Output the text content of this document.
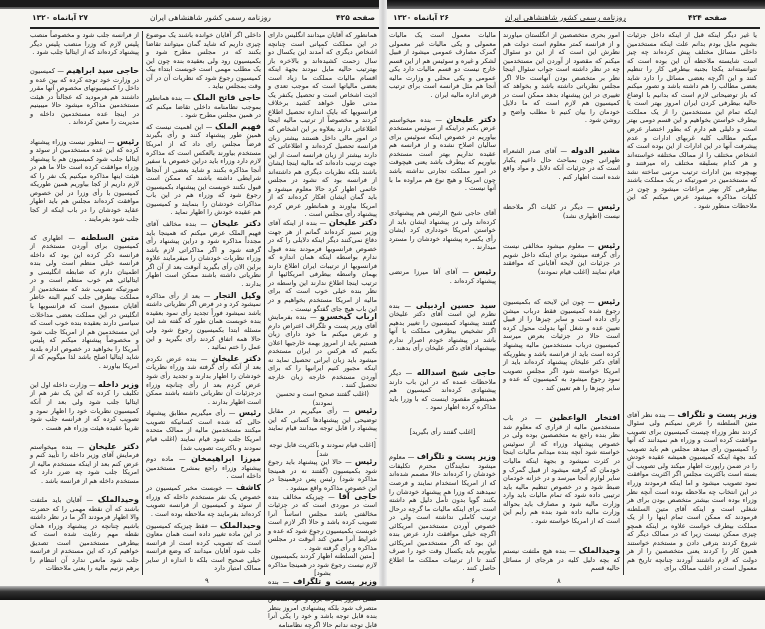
۲۷ آبانماه ۱۳۲۰	روزنامه رسمی کشور شاهنشاهی ایران	صفحه ۴۲۵

همانطور که آقایان میدانند انگلیس دارای در این مملکت کمپانی است چنانچه اشخاص دیگری که آمدند این یکسال دو سال زحمت کشیده‌اند و بالاخره باز بهترتیب حالیه مایل نبودند بجهة اینکه اقسام مالیات مملکت ما زیاد است بعضی مالیاتها است که موجب تعدی و اذیت اشخاص است و تحصیل یکنفر یک مدتی طول خواهد کشید برخلاف فرانسویها که بایک اندازه تحصیل اطلاع کردند و مخصوصاً از ترتیب مالیه اینجا اطلاعاتی دارند بعلاوه بر این اشخاص که در امور مالی داخل هستند بیشتر زبان فرانسه تحصیل کرده‌اند و اطلاعاتی که دارند بیشتر از زبان فرانسه است از این جهت ترتیب داده‌اند که مالیه اینجا ایشان باشند بلکه نظریات دیگری هم داشته‌اند از فرانسه بود که نشود در مجلس خاتمی اظهار کرد حالا معلوم میشود و باید گمان ایشان افکار کرده‌اند که از امریکا بیاورند و همانطور عرض کردم پیشنهاد رأی مجلس است .

دکتر علیخان — بنده از اینکه آقای وزیر تمییز کرده‌اند گمانم از هر جهت دفاع نمی‌کنند دیگر اینکه دلایلی را که در خصوص فرانسویها فرمودند بنده قبول ندارم بواسطه اینکه همان اندازه که فرانسویها از ترتیبات ایران اطلاع دارند بهمان واسطه بیطرفی امریکائیها از ترتیب اینجا اطلاع ندارند این واسطه در نظر بنده خیلی خوب است که برای مالیه از امریکا مستخدم بخواهیم و در این باب هیچ جای گفتگو نیست .

ارباب کیخسرو — بنده بفرمایش آقای وزیر پست و تلگراف اعتراض دارم و عرض میکنم ما خود دارای زبان هستیم باید از امروز بهمه خارجیها اعلان بکنیم که هرکس در ایران مستخدم میشود باید زبان ایرانی تحصیل نماید نه اینکه مجبور کنیم ایرانیها را که برای آوردن مستخدم خارجه زبان خارجه تحصیل کنند .

(اغلب گفتند صحیح است و تحسین نمودند)

رئیس — رأی میگیریم در مقابل توضیحی این پیشنهادها کسانی که این پیشنهاد را قابل توجه میدانند قیام نمایند .

[اغلب قیام نمودند و باکثریت قابل توجه شد]

رئیس — حالا این پیشنهاد باید رجوع شود بکمیسیون (گفتند نه در همینجا مذاکره شود) رئیس پس درهمینجا در این خصوص مذاکره واقع میشود .

حاجی آقا — چیزیکه مخالف بنده است در موردی است که در جزئیات مخالفتی باشد مجلس اساساً آنرا تصویب کرده باشد و حالا اگر لازم است خوبست بکمیسیون رجوع شود که عده و شرایط آنرا معین کند آنوقت در مجلس مذاکره و رأی گرفته شود .

[متین السلطنه اظهار کردند بکمیسیون لازم نیست رجوع شود در همینجا مذاکره بشود]

وزیر پست و تلگراف — بنده متصرف شود بلکه پیشنهادی امروز بنظر بنده قابل توجه باشد و خود را یکی آنرا قابل توجه ندانم حالا اگرچه نظامنامه

داخلی اگر آقایان خوانده باشند یک موضوع چیزی داریم که شاید گمان میتوانند تقاضا بکنند که در مجلس مطرح شود و بکمیسیون رود ولی بعقیده بنده چون این یک مطلب مهمی است خوبست ابتداء بیک کمیسیون رجوع شود که نظریات آن در آن وقت بمجلس بیاید .

حاجی فاتح الملک — بنده همانطور بموجب نظامنامه داخلی تقاضا میکنم که در همین مجلس مطرح شود .

فهیم الملک — این اهمیت نیست که همین طور پیشنهاد کنند و رأی بگیرند فرضاً مجلس رای داد که از امریکا مستخدم بیاورند بالعکس است که مذاکره لازم دارد وزراء باید دراین خصوص با سفیر آنجا مذاکره بکنند و شاید بعضی از آنجاها شرایطی داشته باشند که ممکن است قبول نکنند خوبست این پیشنهاد بکمیسیون رجوع شود که وزراء هم در این باب مذاکرات خودشان را بنمایند و کمیسیون هم عقیده خودش را اظهار نماید .

دکتر علیخان — بنده مخالف آقای فهیم الملک عرض میکنم که همینجا باید مجدداً مذاکره شود و دراین پیشنهاد رأی گرفته شود و اگر مذاکراتی لازم باشد وزراء نظریات خودشان را میفرمایند علاوه براین الان رأی بگیرید آنوقت بعد از آن اگر نظریاتی داشته باشند ممکن است اظهار بدارند .

وکیل التجار — بعد از رأی مذاکره نمیشود کرد و در فرض اگر نظریاتی داشته باشد نمیشود فوراً تجدید رأی نمود بعقیده بنده خوبست همان طور که گفته شد این مسئله ابتدا بکمیسیون رجوع شود ولی حالا همه اتفاق کردند رأی بگیرید و این عمل را ختم نمائید .

دکتر علیخان — بنده عرض نکردم بعد از آنکه رأی گرفته شد وزراء نظریات خودشان را اظهار بدارند و تجدید رأی شود عرض کردم بعد از رأی چنانچه وزراء درجزئیات آن نظریاتی داشته باشند ممکن است اظهار بدارند .

رئیس — رأی میگیریم مطابق پیشنهاد حالی که شده است کسانیکه تصویب میکنند مستخدمین مالیه از ممالک متحده امریکا جلب شود قیام نمایند (اغلب قیام نمودند و باکثریت تصویب شد)

میرزا ابراهیمخان — ماده دوم پیشنهاد وزراء راجع بمشرح مستخدمین داخله است .

کاشف — خوبست مخبر کمیسیون در خصوص یک نفر مستخدم داخله که وزراء از سوئد و کمیسیون از فرانسه تصویب کرده‌اند بفرمایند چه ملاحظه بوده است .

وحیدالملک — فقط چیزیکه کمیسیون در این ماده تغییر داده است همان معاون است که تصویب کرده است از فرانسه جلب شود آقایان میدانند که وضع فرانسه خیلی صحیح است بلکه تا اندازه از سایر ممالک امتیاز دارد

از فرانسه جلب شود و مخصوصاً منصب پلیس لازم که وزرا منصب پلیس دیگر پیشنهاد کرده‌اند که از ایتالیا جلب شود .

حاجی سید ابراهیم — کمیسیون در وزارت خود توجه کرده که بین عده و داخل را کمیسیونهای مخصوص آنها مقرر داشتند هم فرمودید که عجالتاً در هیئت مستخدمین مذاکره میشود حالا میبینیم در اینجا عده مستخدمین داخله و مدیریت را معین کرده‌اند .

رئیس — اینطور نیست وزراء پیشنهاد کرده که این عده مستخدمین از سوئد و ایتالیا جلب شود کمیسیون هم با پیشنهاد وزراء موافقت کرده است حالا ما هم در هیئت اینها مذاکره میکنیم یک نفر را که لازم داریم از کجا بیاوریم همین طوریکه کمیسیون با رأی وزرا در این خصوص موافقت کرده‌اند مجلس هم باید اظهار عقاید خودشان را در باب اینکه از کجا جلب شود بفرمایند .

متین السلطنه — اظهاری که کمیسیون برای آوردن مستخدم از فرانسه ذکر کرده این بود که داخله فرانسه خیلی منظم است ولی بنده اطمینان دارم که ضابطه انگلیسی و ایتالیائی هم خوب منظم است و در صورتیکه تصویب شد که مستخدمین از مملکت بیطرفی جلب کنیم البته خاطر آقایان مسبوق است که فرانسویها با انگلیس در این مملکت بعضی مداخلات سیاسی دارند بعقیده بنده خوب است که این مستخدمین هم از امریکا جلب شود و مخصوصاً پیشنهاد میکنم که پلیس آمریکا را بخواهید در خصوص اداره بلدیه شاید ایتالیا اصلح باشد لذا میگویم که از امریکا بیاورند .

وزیر داخله — وزارت داخله اول این تکلیف را کرده که این یک نفر هم از ایتالیا جلب شود ولی بعد از آنکه کمیسیون نظریات خود را اظهار نمود و تصویب کرده که از فرانسه جلب شود تقریباً عقیده هیئت وزراء هم هست .

دکتر علیخان — بنده میخواستم فرمایش آقای وزیر داخله را تأیید کنم و عرض کنم بعد از اینکه مستخدم مالیه از امریکا جلب شود چه ضرر دارد که مستخدم داخله هم از فرانسه باشد .

وحیدالملک — آقایان باید ملتفت باشند که آن نقطه مهمی را که حضرت والا اظهار فرمودند اگر ما در نظر داشته باشیم چنانچه در پیشنهاد وزراء همان نقطه مهم رعایت شده است که بیطرفی مستخدمین است تصدیق خواهیم کرد که این مستخدم از فرانسه جلب شود مانعی ندارد آن انتظام را برهم نزنیم مالیه را یعنی ملاحظات

۹
۲۶ آبانماه ۱۳۲۰	روزنامه رسمی کشور شاهنشاهی ایران	صفحه ۴۲۴

یا غیر دیگر اینکه قبل از اینکه داخل جزئیات بشویم مایل بودم بدانم علت اینکه مستخدمین داخلی مسائل مختلف پیش کرده‌اند چه چیز است شایسته ملاحظه آن این بوده است که نتوانسته‌اند یکجا بجنبه بیطرفی کار را تنظیم کنند و این اگرچه بعضی مسائل را دارد شاید بعضی مطالب را هم داشته باشد و تصور میکنم که باز توضیحاتی لازم است که بدانیم با اوضاع حالیه بیطرفی کردن ایران امروز بهتر است یا اینکه تمام این مستخدمین را از یک مملکت بیطرف خواستن بخواهیم و این قسم دومی بهتر است و دلیلی هم دارم که بطور اختصار عرض میکنم مطالب کلیه غربهای ادارات و عدم پیشرفت آنها در این ادارات از این بوده است که اشخاص مختلف را از ممالک مختلفه خواسته‌اند و هر کدام بسلیقه مختلف راه میرفتند و بهیچوجه بین ادارات ترتیب مرتبی ساخته نشد که مستخدمین در صورتیکه در یک مملکت باشند بیطرفی کار بهتر مراعات میشود و چون در کلیات مذاکره میشود عرض میکنم که این ملاحظات منظور شود .

وزیر پست و تلگراف — بنده نظر آقای متین السلطنه را عرض نمیکنم ولی سئوال کردند نظر وزراء چیست کمیسیون برای تصویب موافقت کرده است و وزراء هم نمیدانند که آنها را کمیسیون رأی میدهد مجلس هم باید تصویب کند بجهة اینکه کمیسیون همیشه عقیده خودش را در ضمن راپورت اظهار میکند ولی تصویب آن بسته است باکثریت مجلس اگر اکثریت موافقت نمود تصویب میشود و اما اینکه فرمودند وزراء در این انتخاب چه ملاحظه بوده است آنچه نظر وزراء بوده است بیشتر متخصص بودن برای هر شغلی است و اینکه آقای متین السلطنه فرمودند که ممکن است تمام اینها را از یک مملکت بیطرف خواست علاوه بر اینکه همچو چیزی ممکن نیست زیرا که در ممالک دیگر که شروع کردند بترقی دادن و مستخدم خواستند همین کار را کردند یعنی متخصصین را از هر دولت که لازم داشتند آوردند چنانچه تاریخ هم معمول است در اغلب ممالک برای

امور بحری متخصصین از انگلستان میاورند و از فرانسه کمتر معلوم است دولت هم نظرش این است که از این دو سئوال میکنم که مقصود از آوردن این مستخدمین چه در نظر داشته است جواب سئوال اینجا نظر بر متخصص بودن آنهاست حالا اگر مجلس نظریاتی داشته باشد و بخواهد که تغییری در این پیشنهاد بدهد ممکن است در کمیسیون هم لازم است که ما دلایل خودمان را بیان کنیم تا مطلب واضح و روشن شود .

مشیر الدوله — آقای صدر الشعراء طهرانی چون بمباحث حال داعیم یکبار است که در جزئیات آنکه دلایل و مواد واقع شده است اظهار کنم .

رئیس — دیگر در کلیات اگر ملاحظه نیست (اظهاری نشد)

رئیس — معلوم میشود مخالفی نیست رأی گرفته میشود برای اینکه داخل شویم در جزئیات این لایحه آقایانی که موافقند قیام نمایند (اغلب قیام نمودند)

رئیس — چون این لایحه که بکمیسیون رجوع شده کمیسیون فقط درباب میشن رأی داده است و سایر چیزها را از قبیل تعیین عده و شغل آنها بدولت محول کرده است حالا در جزئیات بعرض میرسد کمیسیون درباب مستخدمین مالیه پیشنهاد کرده است باید از فرانسه باشد و بطوریکه آقای دکتر علیخان پیشنهاد کرده‌اند باید از امریکا خواسته شود اگر مجلس تصویب نمود رجوع میشود به کمیسیون که عده و سایر چیزها را هم تعیین کند .

افتخار الواعظین — در باب مستخدمین مالیه از قراری که معلوم شد نظر بنده راجع به متخصصین بوده ولی در خصوص پیشنهاد وزراء که از سوئیس خواسته شود آنچه بنده میدانم مالیات اینجا در کثرت نمیشود و بجهة اینکه مالیات خودمان که گرفته میشود از قبیل گمرک و سایر لوازم آنجا میرسد و در خزانه خودمان ضبط شود و در خصوص تنظیم مالیه باید ترتیبی داده شود که تمام مالیات باید وارد وزارت مالیه شود و مصارف باید بحواله وزارت مالیه داده شود بنده هم رأیم این است که از امریکا خواسته شود .

وحیدالملک — بنده هیچ ملتفت نیستم که بچه دلیل کلیه در هرجای از مسائل حالیه قسم

مالیات معمول است یک مالیات معمولی و یکی مالیات غیر معمولی گمرک مصارف عمومی میشود از قبیل لشکر و غیره و سوئیس هم از این قسم خارج نیست دو قسم مالیات دارد یکی عمومی و یکی محلی و وزارت مالیه آنجا هم مثل فرانسه است برای ترتیب قرض اداره مالیه ایران .

دکتر علیخان — بنده میخواستم عرض بکنم دراینکه از سوئیس مستخدم بیاوریم در خصوص اینکه سوئیس برای سالیان اصلاح نشده و از فرانسه هم عقیده نداریم بهتر است مستخدم بیاوریم که بیطرف باشد یعنی هیچوقت در امور مملکت تجارتی نداشته باشد چون امریکا و هیچ نوع هم مراوده ما با آنها نیست .

آقای حاجی شیخ الرئیس هم پیشنهادی کرده‌اند ولی در پیشنهاد ایشان باید از خواستن امریکا خودداری کرد ایشان رأی یکسره پیشنهاد خودشان را مسترد میدارند .

رئیس — آقای آقا میرزا مرتضی پیشنهاد کرده‌اند .

سید حسین اردبیلی — بنده نظرم این است آقای دکتر علیخان گفتند پیشنهاد کمیسیون را تغییر بدهیم اگر تشخیص بیطرفی مملکت با آنها باشد در پیشنهاد خودم اصرار ندارم بپیشنهاد آقای دکتر علیخان رأی بدهند .

حاجی شیخ اسدالله — دیگر ملاحظات عمده که در این باب دارند پیشنهادی کرده‌اند کمیسیون هم همینطور مقصود اینست که با وزرا باید مذاکره کرده اظهار نمود .

[اغلب گفتند رأی بگیرید]

وزیر پست و تلگراف — معلوم میشود نمایندگان محترم تکلیفات خودشان را کرده‌اند حالا مصمم شده‌اند که از امریکا استخدام نمایند و فرصت نمیدهند که وزرا هم پیشنهاد خودشان را بکنند گویا بدون تأمل دلیل هم داشته است برای اینکه مالیات ما گرچه درحال ترتیب کاملی نداشته است ولی در خصوص آوردن مستخدمین امریکائی اگرچه خیلی موافقت دارد عرض بنده این بود که اگر مستخدمین امریکائی بیاوریم باید یکسال وقت خود را صرف کنند تا از ترتیبات مملکت ما اطلاع حاصل کنند .

۶	۸
